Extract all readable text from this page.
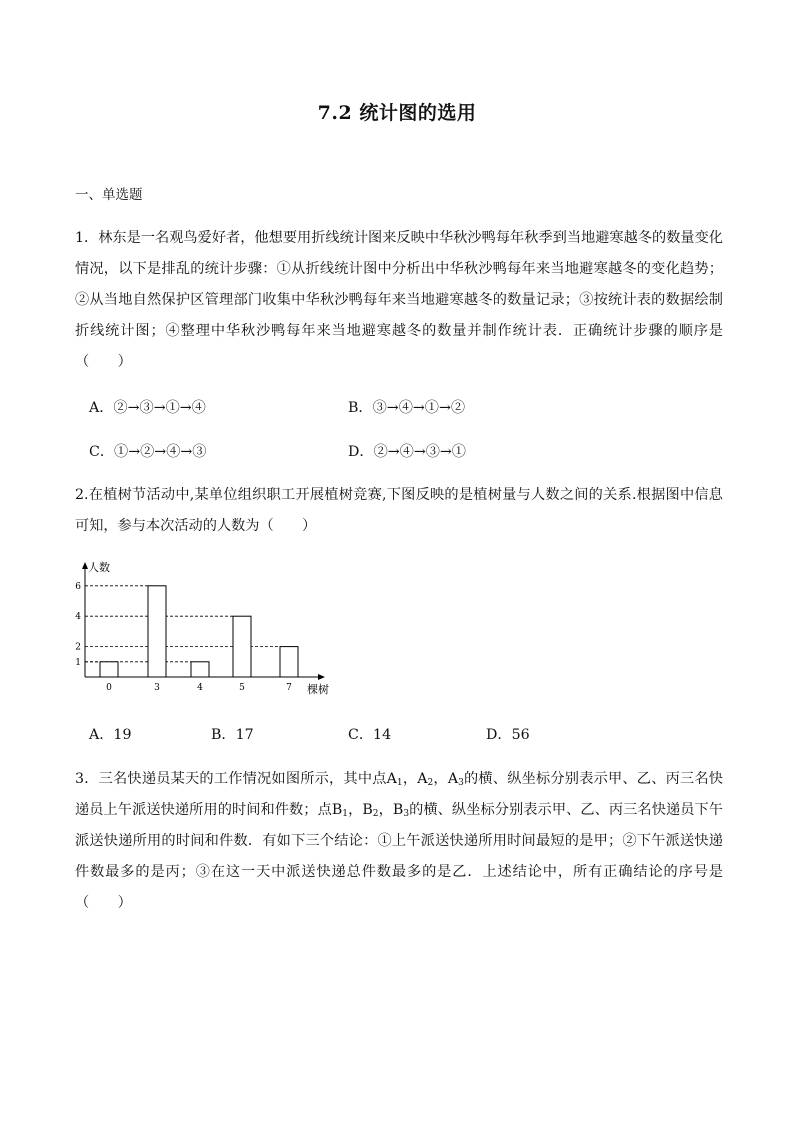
7.2 统计图的选用
一、单选题
1．林东是一名观鸟爱好者，他想要用折线统计图来反映中华秋沙鸭每年秋季到当地避寒越冬的数量变化情况，以下是排乱的统计步骤：①从折线统计图中分析出中华秋沙鸭每年来当地避寒越冬的变化趋势；②从当地自然保护区管理部门收集中华秋沙鸭每年来当地避寒越冬的数量记录；③按统计表的数据绘制折线统计图；④整理中华秋沙鸭每年来当地避寒越冬的数量并制作统计表．正确统计步骤的顺序是（　　）
A．②→③→①→④	B．③→④→①→②
C．①→②→④→③	D．②→④→③→①
2.在植树节活动中,某单位组织职工开展植树竞赛,下图反映的是植树量与人数之间的关系.根据图中信息可知，参与本次活动的人数为（　　）
0	3	4	5	7
1
2
4
6
人数
棵树
A．19	B．17	C．14	D．56
3．三名快递员某天的工作情况如图所示，其中点$A_1$，$A_2$，$A_3$的横、纵坐标分别表示甲、乙、丙三名快递员上午派送快递所用的时间和件数；点$B_1$，$B_2$，$B_3$的横、纵坐标分别表示甲、乙、丙三名快递员下午派送快递所用的时间和件数．有如下三个结论：①上午派送快递所用时间最短的是甲；②下午派送快递件数最多的是丙；③在这一天中派送快递总件数最多的是乙．上述结论中，所有正确结论的序号是（　　）
